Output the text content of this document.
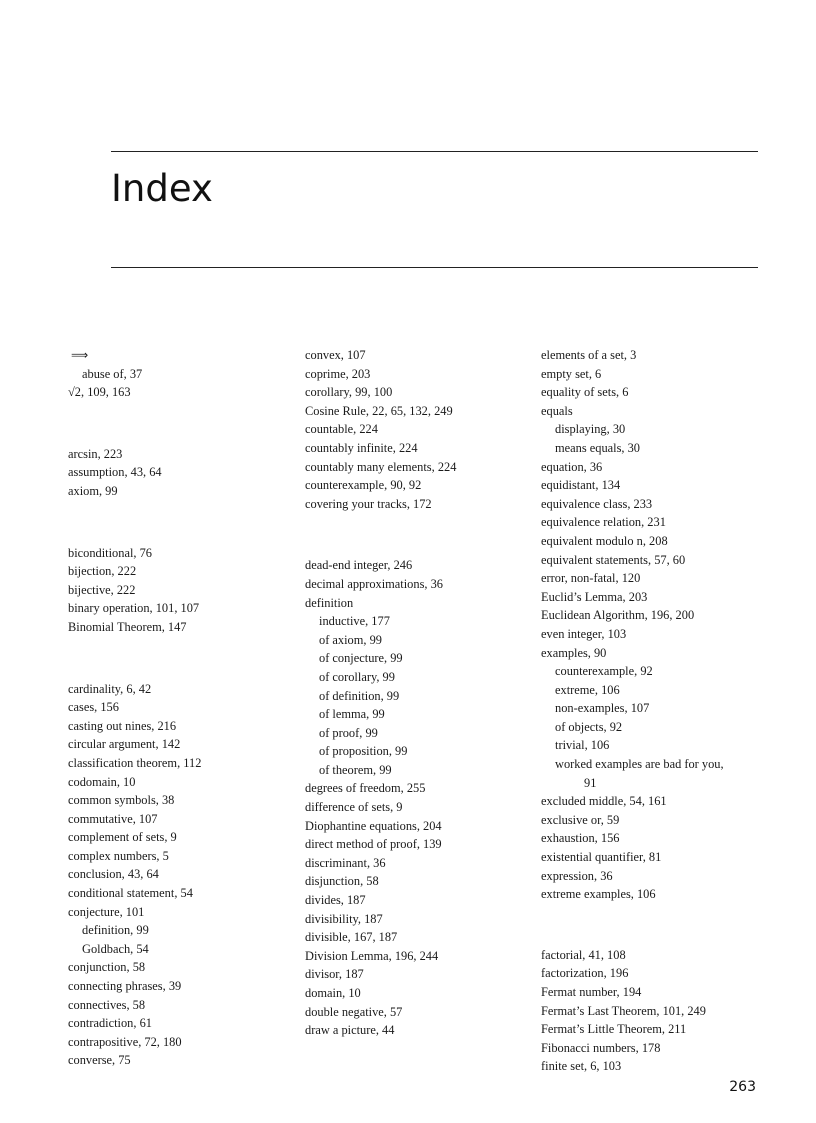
Index

⟹

abuse of, 37

√2, 109, 163

arcsin, 223

assumption, 43, 64

axiom, 99

biconditional, 76

bijection, 222

bijective, 222

binary operation, 101, 107

Binomial Theorem, 147

cardinality, 6, 42

cases, 156

casting out nines, 216

circular argument, 142

classification theorem, 112

codomain, 10

common symbols, 38

commutative, 107

complement of sets, 9

complex numbers, 5

conclusion, 43, 64

conditional statement, 54

conjecture, 101

definition, 99

Goldbach, 54

conjunction, 58

connecting phrases, 39

connectives, 58

contradiction, 61

contrapositive, 72, 180

converse, 75

convex, 107

coprime, 203

corollary, 99, 100

Cosine Rule, 22, 65, 132, 249

countable, 224

countably infinite, 224

countably many elements, 224

counterexample, 90, 92

covering your tracks, 172

dead-end integer, 246

decimal approximations, 36

definition

inductive, 177

of axiom, 99

of conjecture, 99

of corollary, 99

of definition, 99

of lemma, 99

of proof, 99

of proposition, 99

of theorem, 99

degrees of freedom, 255

difference of sets, 9

Diophantine equations, 204

direct method of proof, 139

discriminant, 36

disjunction, 58

divides, 187

divisibility, 187

divisible, 167, 187

Division Lemma, 196, 244

divisor, 187

domain, 10

double negative, 57

draw a picture, 44

elements of a set, 3

empty set, 6

equality of sets, 6

equals

displaying, 30

means equals, 30

equation, 36

equidistant, 134

equivalence class, 233

equivalence relation, 231

equivalent modulo n, 208

equivalent statements, 57, 60

error, non-fatal, 120

Euclid’s Lemma, 203

Euclidean Algorithm, 196, 200

even integer, 103

examples, 90

counterexample, 92

extreme, 106

non-examples, 107

of objects, 92

trivial, 106

worked examples are bad for you,

91

excluded middle, 54, 161

exclusive or, 59

exhaustion, 156

existential quantifier, 81

expression, 36

extreme examples, 106

factorial, 41, 108

factorization, 196

Fermat number, 194

Fermat’s Last Theorem, 101, 249

Fermat’s Little Theorem, 211

Fibonacci numbers, 178

finite set, 6, 103

263
